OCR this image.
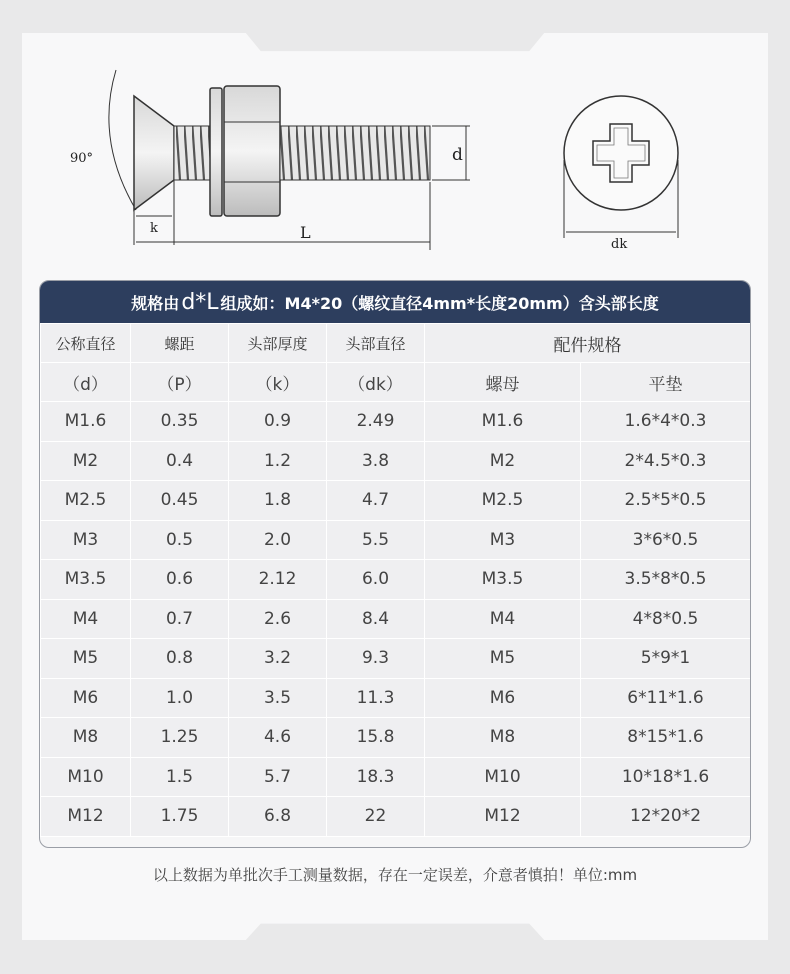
90°
k	L
d
dk
规格由 d*L 组成如：M4*20（螺纹直径4mm*长度20mm）含头部长度
公称直径	螺距	头部厚度	头部直径	配件规格	
（d）	（P）	（k）	（dk）	螺母	平垫
M1.6	0.35	0.9	2.49	M1.6	1.6*4*0.3
M2	0.4	1.2	3.8	M2	2*4.5*0.3
M2.5	0.45	1.8	4.7	M2.5	2.5*5*0.5
M3	0.5	2.0	5.5	M3	3*6*0.5
M3.5	0.6	2.12	6.0	M3.5	3.5*8*0.5
M4	0.7	2.6	8.4	M4	4*8*0.5
M5	0.8	3.2	9.3	M5	5*9*1
M6	1.0	3.5	11.3	M6	6*11*1.6
M8	1.25	4.6	15.8	M8	8*15*1.6
M10	1.5	5.7	18.3	M10	10*18*1.6
M12	1.75	6.8	22	M12	12*20*2
以上数据为单批次手工测量数据，存在一定误差，介意者慎拍！单位:mm
